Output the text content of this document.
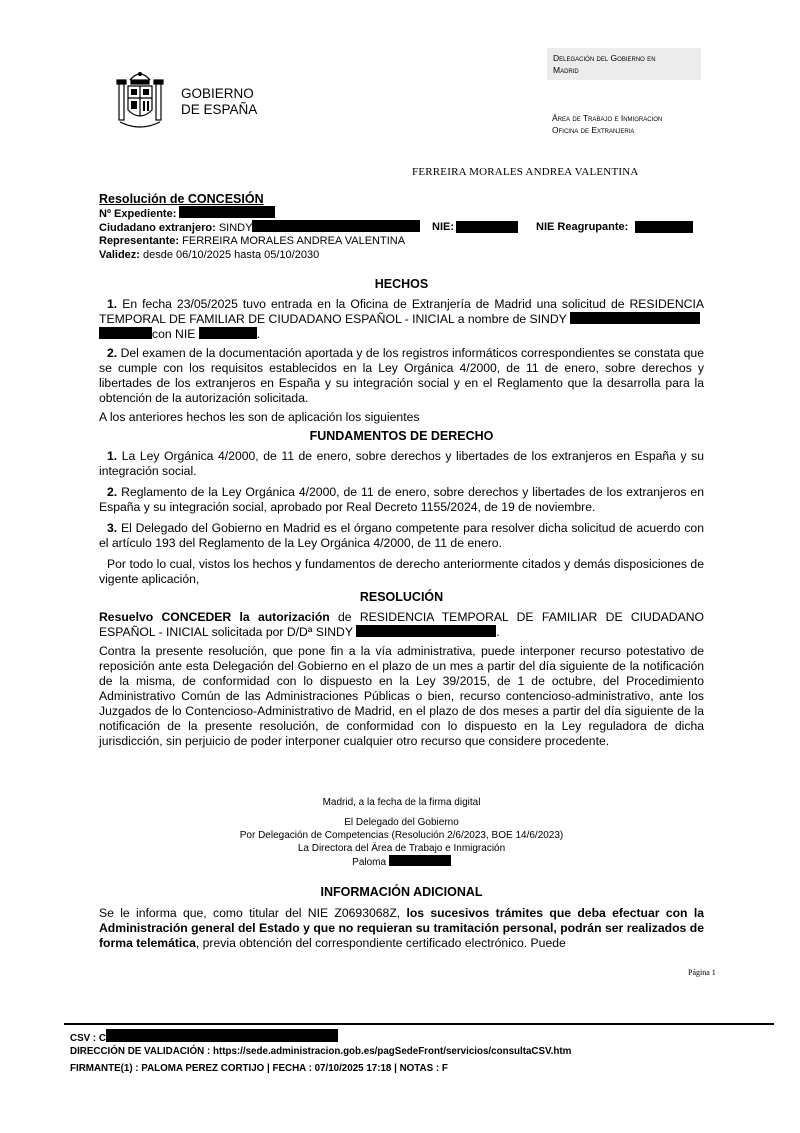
GOBIERNO
DE ESPAÑA
Delegación del Gobierno en
Madrid
Área de Trabajo e Inmigracion
Oficina de Extranjeria
FERREIRA MORALES ANDREA VALENTINA
Resolución de CONCESIÓN
Nº Expediente:
Ciudadano extranjero: SINDY	NIE:	NIE Reagrupante:
Representante: FERREIRA MORALES ANDREA VALENTINA
Validez: desde 06/10/2025 hasta 05/10/2030
HECHOS

1. En fecha 23/05/2025 tuvo entrada en la Oficina de Extranjería de Madrid una solicitud de RESIDENCIA TEMPORAL DE FAMILIAR DE CIUDADANO ESPAÑOL - INICIAL a nombre de SINDY
con NIE	.

2. Del examen de la documentación aportada y de los registros informáticos correspondientes se constata que se cumple con los requisitos establecidos en la Ley Orgánica 4/2000, de 11 de enero, sobre derechos y libertades de los extranjeros en España y su integración social y en el Reglamento que la desarrolla para la obtención de la autorización solicitada.

A los anteriores hechos les son de aplicación los siguientes

FUNDAMENTOS DE DERECHO

1. La Ley Orgánica 4/2000, de 11 de enero, sobre derechos y libertades de los extranjeros en España y su integración social.

2. Reglamento de la Ley Orgánica 4/2000, de 11 de enero, sobre derechos y libertades de los extranjeros en España y su integración social, aprobado por Real Decreto 1155/2024, de 19 de noviembre.

3. El Delegado del Gobierno en Madrid es el órgano competente para resolver dicha solicitud de acuerdo con el artículo 193 del Reglamento de la Ley Orgánica 4/2000, de 11 de enero.

Por todo lo cual, vistos los hechos y fundamentos de derecho anteriormente citados y demás disposiciones de vigente aplicación,

RESOLUCIÓN

Resuelvo CONCEDER la autorización de RESIDENCIA TEMPORAL DE FAMILIAR DE CIUDADANO ESPAÑOL - INICIAL solicitada por D/Dª SINDY	.

Contra la presente resolución, que pone fin a la vía administrativa, puede interponer recurso potestativo de reposición ante esta Delegación del Gobierno en el plazo de un mes a partir del día siguiente de la notificación de la misma, de conformidad con lo dispuesto en la Ley 39/2015, de 1 de octubre, del Procedimiento Administrativo Común de las Administraciones Públicas o bien, recurso contencioso-administrativo, ante los Juzgados de lo Contencioso-Administrativo de Madrid, en el plazo de dos meses a partir del día siguiente de la notificación de la presente resolución, de conformidad con lo dispuesto en la Ley reguladora de dicha jurisdicción, sin perjuicio de poder interponer cualquier otro recurso que considere procedente.

Madrid, a la fecha de la firma digital
El Delegado del Gobierno
Por Delegación de Competencias (Resolución 2/6/2023, BOE 14/6/2023)
La Directora del Área de Trabajo e Inmigración
Paloma
INFORMACIÓN ADICIONAL

Se le informa que, como titular del NIE Z0693068Z, los sucesivos trámites que deba efectuar con la Administración general del Estado y que no requieran su tramitación personal, podrán ser realizados de forma telemática, previa obtención del correspondiente certificado electrónico. Puede

Página 1
CSV : C
DIRECCIÓN DE VALIDACIÓN : https://sede.administracion.gob.es/pagSedeFront/servicios/consultaCSV.htm
FIRMANTE(1) : PALOMA PEREZ CORTIJO | FECHA : 07/10/2025 17:18 | NOTAS : F
